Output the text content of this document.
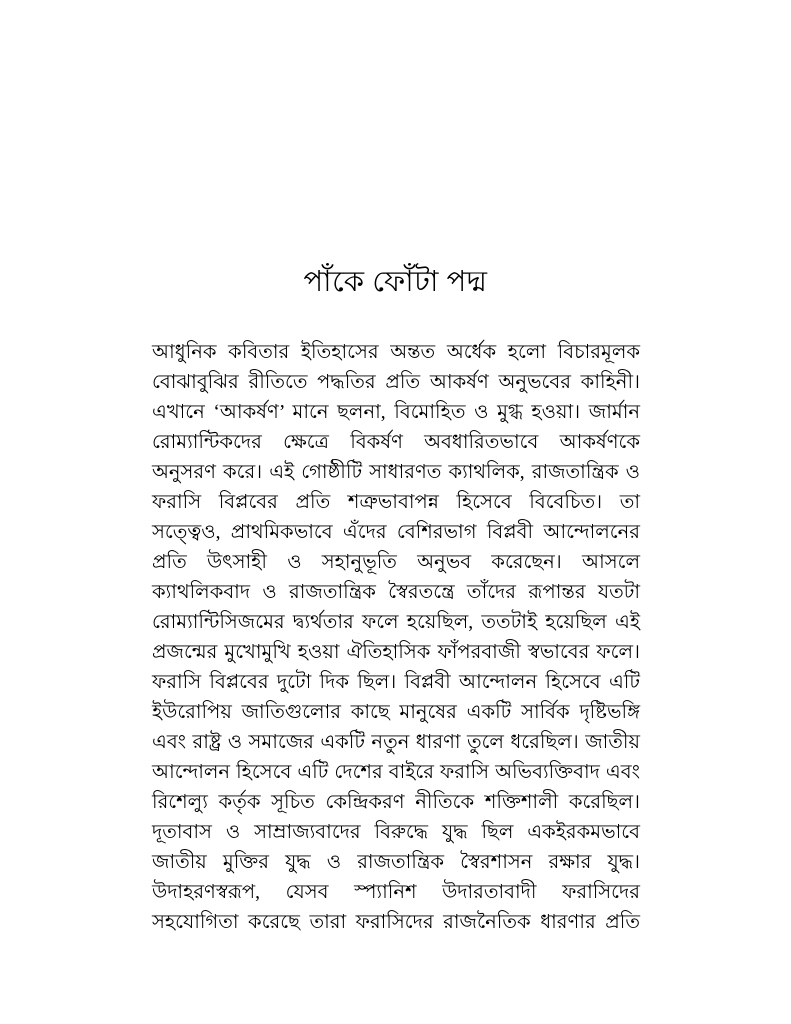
পাঁকে ফোঁটা পদ্ম

আধুনিক কবিতার ইতিহাসের অন্তত অর্ধেক হলো বিচারমূলক বোঝাবুঝির রীতিতে পদ্ধতির প্রতি আকর্ষণ অনুভবের কাহিনী। এখানে ‘আকর্ষণ’ মানে ছলনা, বিমোহিত ও মুগ্ধ হওয়া। জার্মান রোম্যান্টিকদের ক্ষেত্রে বিকর্ষণ অবধারিতভাবে আকর্ষণকে অনুসরণ করে। এই গোষ্ঠীটি সাধারণত ক্যাথলিক, রাজতান্ত্রিক ও ফরাসি বিপ্লবের প্রতি শত্রুভাবাপন্ন হিসেবে বিবেচিত। তা সত্ত্বেও, প্রাথমিকভাবে এঁদের বেশিরভাগ বিপ্লবী আন্দোলনের প্রতি উৎসাহী ও সহানুভূতি অনুভব করেছেন। আসলে ক্যাথলিকবাদ ও রাজতান্ত্রিক স্বৈরতন্ত্রে তাঁদের রূপান্তর যতটা রোম্যান্টিসিজমের দ্ব্যর্থতার ফলে হয়েছিল, ততটাই হয়েছিল এই প্রজন্মের মুখোমুখি হওয়া ঐতিহাসিক ফাঁপরবাজী স্বভাবের ফলে। ফরাসি বিপ্লবের দুটো দিক ছিল। বিপ্লবী আন্দোলন হিসেবে এটি ইউরোপিয় জাতিগুলোর কাছে মানুষের একটি সার্বিক দৃষ্টিভঙ্গি এবং রাষ্ট্র ও সমাজের একটি নতুন ধারণা তুলে ধরেছিল। জাতীয় আন্দোলন হিসেবে এটি দেশের বাইরে ফরাসি অভিব্যক্তিবাদ এবং রিশেল্যু কর্তৃক সূচিত কেন্দ্রিকরণ নীতিকে শক্তিশালী করেছিল। দূতাবাস ও সাম্রাজ্যবাদের বিরুদ্ধে যুদ্ধ ছিল একইরকমভাবে জাতীয় মুক্তির যুদ্ধ ও রাজতান্ত্রিক স্বৈরশাসন রক্ষার যুদ্ধ। উদাহরণস্বরূপ, যেসব স্প্যানিশ উদারতাবাদী ফরাসিদের সহযোগিতা করেছে তারা ফরাসিদের রাজনৈতিক ধারণার প্রতি
